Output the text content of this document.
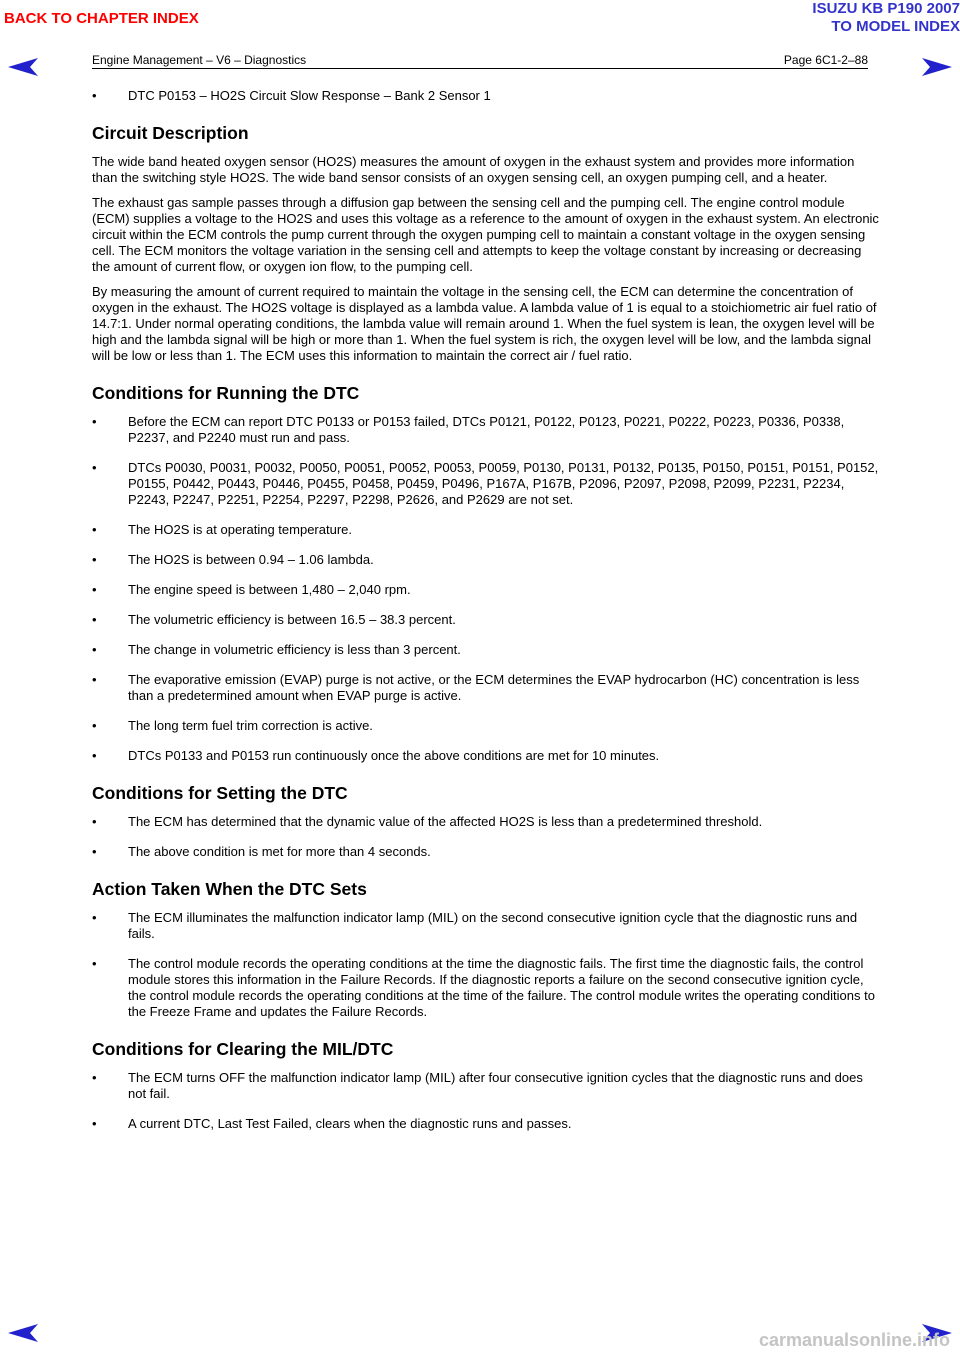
BACK TO CHAPTER INDEX
ISUZU KB P190 2007
TO MODEL INDEX
Engine Management – V6 – Diagnostics	Page 6C1-2–88
• DTC P0153 – HO2S Circuit Slow Response – Bank 2 Sensor 1
Circuit Description

The wide band heated oxygen sensor (HO2S) measures the amount of oxygen in the exhaust system and provides more information than the switching style HO2S. The wide band sensor consists of an oxygen sensing cell, an oxygen pumping cell, and a heater.

The exhaust gas sample passes through a diffusion gap between the sensing cell and the pumping cell. The engine control module (ECM) supplies a voltage to the HO2S and uses this voltage as a reference to the amount of oxygen in the exhaust system. An electronic circuit within the ECM controls the pump current through the oxygen pumping cell to maintain a constant voltage in the oxygen sensing cell. The ECM monitors the voltage variation in the sensing cell and attempts to keep the voltage constant by increasing or decreasing the amount of current flow, or oxygen ion flow, to the pumping cell.

By measuring the amount of current required to maintain the voltage in the sensing cell, the ECM can determine the concentration of oxygen in the exhaust. The HO2S voltage is displayed as a lambda value. A lambda value of 1 is equal to a stoichiometric air fuel ratio of 14.7:1. Under normal operating conditions, the lambda value will remain around 1. When the fuel system is lean, the oxygen level will be high and the lambda signal will be high or more than 1. When the fuel system is rich, the oxygen level will be low, and the lambda signal will be low or less than 1. The ECM uses this information to maintain the correct air / fuel ratio.

Conditions for Running the DTC
• Before the ECM can report DTC P0133 or P0153 failed, DTCs P0121, P0122, P0123, P0221, P0222, P0223, P0336, P0338, P2237, and P2240 must run and pass.
• DTCs P0030, P0031, P0032, P0050, P0051, P0052, P0053, P0059, P0130, P0131, P0132, P0135, P0150, P0151, P0151, P0152, P0155, P0442, P0443, P0446, P0455, P0458, P0459, P0496, P167A, P167B, P2096, P2097, P2098, P2099, P2231, P2234, P2243, P2247, P2251, P2254, P2297, P2298, P2626, and P2629 are not set.
• The HO2S is at operating temperature.
• The HO2S is between 0.94 – 1.06 lambda.
• The engine speed is between 1,480 – 2,040 rpm.
• The volumetric efficiency is between 16.5 – 38.3 percent.
• The change in volumetric efficiency is less than 3 percent.
• The evaporative emission (EVAP) purge is not active, or the ECM determines the EVAP hydrocarbon (HC) concentration is less than a predetermined amount when EVAP purge is active.
• The long term fuel trim correction is active.
• DTCs P0133 and P0153 run continuously once the above conditions are met for 10 minutes.
Conditions for Setting the DTC
• The ECM has determined that the dynamic value of the affected HO2S is less than a predetermined threshold.
• The above condition is met for more than 4 seconds.
Action Taken When the DTC Sets
• The ECM illuminates the malfunction indicator lamp (MIL) on the second consecutive ignition cycle that the diagnostic runs and fails.
• The control module records the operating conditions at the time the diagnostic fails. The first time the diagnostic fails, the control module stores this information in the Failure Records. If the diagnostic reports a failure on the second consecutive ignition cycle, the control module records the operating conditions at the time of the failure. The control module writes the operating conditions to the Freeze Frame and updates the Failure Records.
Conditions for Clearing the MIL/DTC
• The ECM turns OFF the malfunction indicator lamp (MIL) after four consecutive ignition cycles that the diagnostic runs and does not fail.
• A current DTC, Last Test Failed, clears when the diagnostic runs and passes.
carmanualsonline.info
